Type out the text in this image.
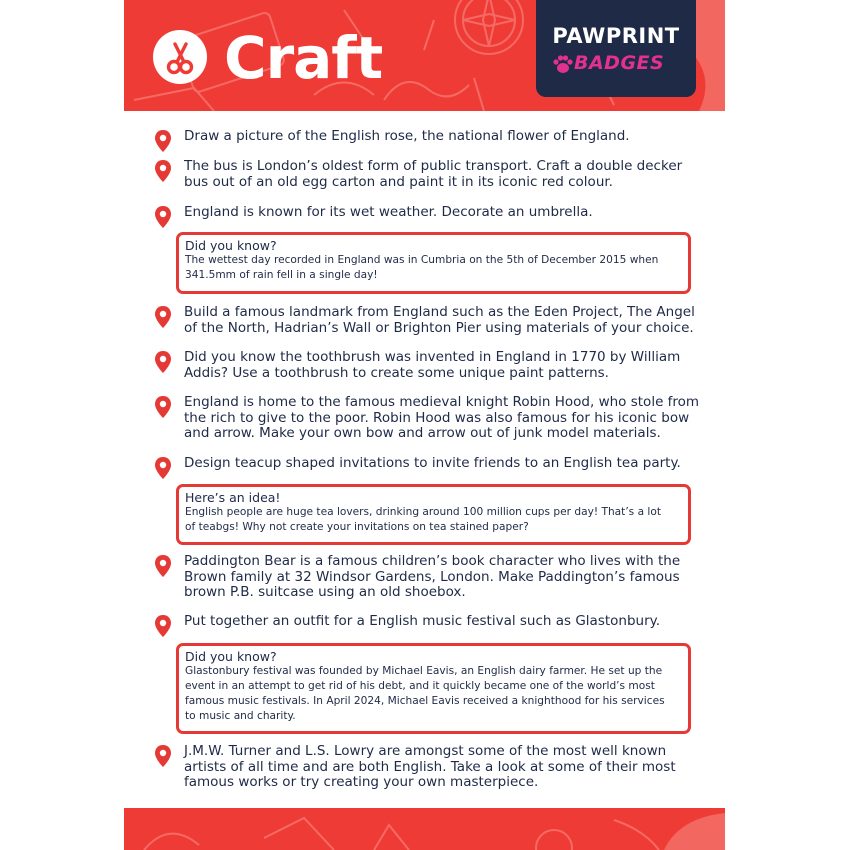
Craft	PAWPRINT
BADGES
Draw a picture of the English rose, the national flower of England.
The bus is London’s oldest form of public transport. Craft a double decker
bus out of an old egg carton and paint it in its iconic red colour.
England is known for its wet weather. Decorate an umbrella.
Did you know?
The wettest day recorded in England was in Cumbria on the 5th of December 2015 when
341.5mm of rain fell in a single day!
Build a famous landmark from England such as the Eden Project, The Angel
of the North, Hadrian’s Wall or Brighton Pier using materials of your choice.
Did you know the toothbrush was invented in England in 1770 by William
Addis? Use a toothbrush to create some unique paint patterns.
England is home to the famous medieval knight Robin Hood, who stole from
the rich to give to the poor. Robin Hood was also famous for his iconic bow
and arrow. Make your own bow and arrow out of junk model materials.
Design teacup shaped invitations to invite friends to an English tea party.
Here’s an idea!
English people are huge tea lovers, drinking around 100 million cups per day! That’s a lot
of teabgs! Why not create your invitations on tea stained paper?
Paddington Bear is a famous children’s book character who lives with the
Brown family at 32 Windsor Gardens, London. Make Paddington’s famous
brown P.B. suitcase using an old shoebox.
Put together an outfit for a English music festival such as Glastonbury.
Did you know?
Glastonbury festival was founded by Michael Eavis, an English dairy farmer. He set up the
event in an attempt to get rid of his debt, and it quickly became one of the world’s most
famous music festivals. In April 2024, Michael Eavis received a knighthood for his services
to music and charity.
J.M.W. Turner and L.S. Lowry are amongst some of the most well known
artists of all time and are both English. Take a look at some of their most
famous works or try creating your own masterpiece.
